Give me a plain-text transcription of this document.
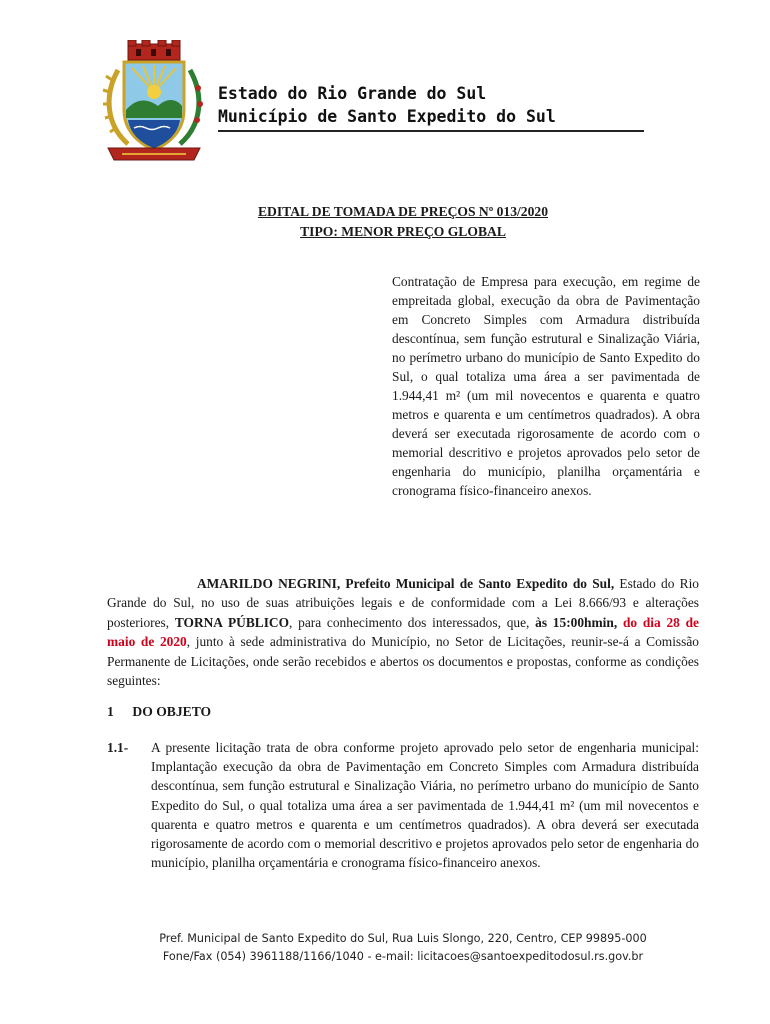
Estado do Rio Grande do Sul
Município de Santo Expedito do Sul
EDITAL DE TOMADA DE PREÇOS Nº 013/2020
TIPO: MENOR PREÇO GLOBAL
Contratação de Empresa para execução, em regime de empreitada global, execução da obra de Pavimentação em Concreto Simples com Armadura distribuída descontínua, sem função estrutural e Sinalização Viária, no perímetro urbano do município de Santo Expedito do Sul, o qual totaliza uma área a ser pavimentada de 1.944,41 m² (um mil novecentos e quarenta e quatro metros e quarenta e um centímetros quadrados). A obra deverá ser executada rigorosamente de acordo com o memorial descritivo e projetos aprovados pelo setor de engenharia do município, planilha orçamentária e cronograma físico-financeiro anexos.
AMARILDO NEGRINI, Prefeito Municipal de Santo Expedito do Sul, Estado do Rio Grande do Sul, no uso de suas atribuições legais e de conformidade com a Lei 8.666/93 e alterações posteriores, TORNA PÚBLICO, para conhecimento dos interessados, que, às 15:00hmin, do dia 28 de maio de 2020, junto à sede administrativa do Município, no Setor de Licitações, reunir-se-á a Comissão Permanente de Licitações, onde serão recebidos e abertos os documentos e propostas, conforme as condições seguintes:
1 DO OBJETO
1.1- A presente licitação trata de obra conforme projeto aprovado pelo setor de engenharia municipal: Implantação execução da obra de Pavimentação em Concreto Simples com Armadura distribuída descontínua, sem função estrutural e Sinalização Viária, no perímetro urbano do município de Santo Expedito do Sul, o qual totaliza uma área a ser pavimentada de 1.944,41 m² (um mil novecentos e quarenta e quatro metros e quarenta e um centímetros quadrados). A obra deverá ser executada rigorosamente de acordo com o memorial descritivo e projetos aprovados pelo setor de engenharia do município, planilha orçamentária e cronograma físico-financeiro anexos.
Pref. Municipal de Santo Expedito do Sul, Rua Luis Slongo, 220, Centro, CEP 99895-000
Fone/Fax (054) 3961188/1166/1040 - e-mail: licitacoes@santoexpeditodosul.rs.gov.br
